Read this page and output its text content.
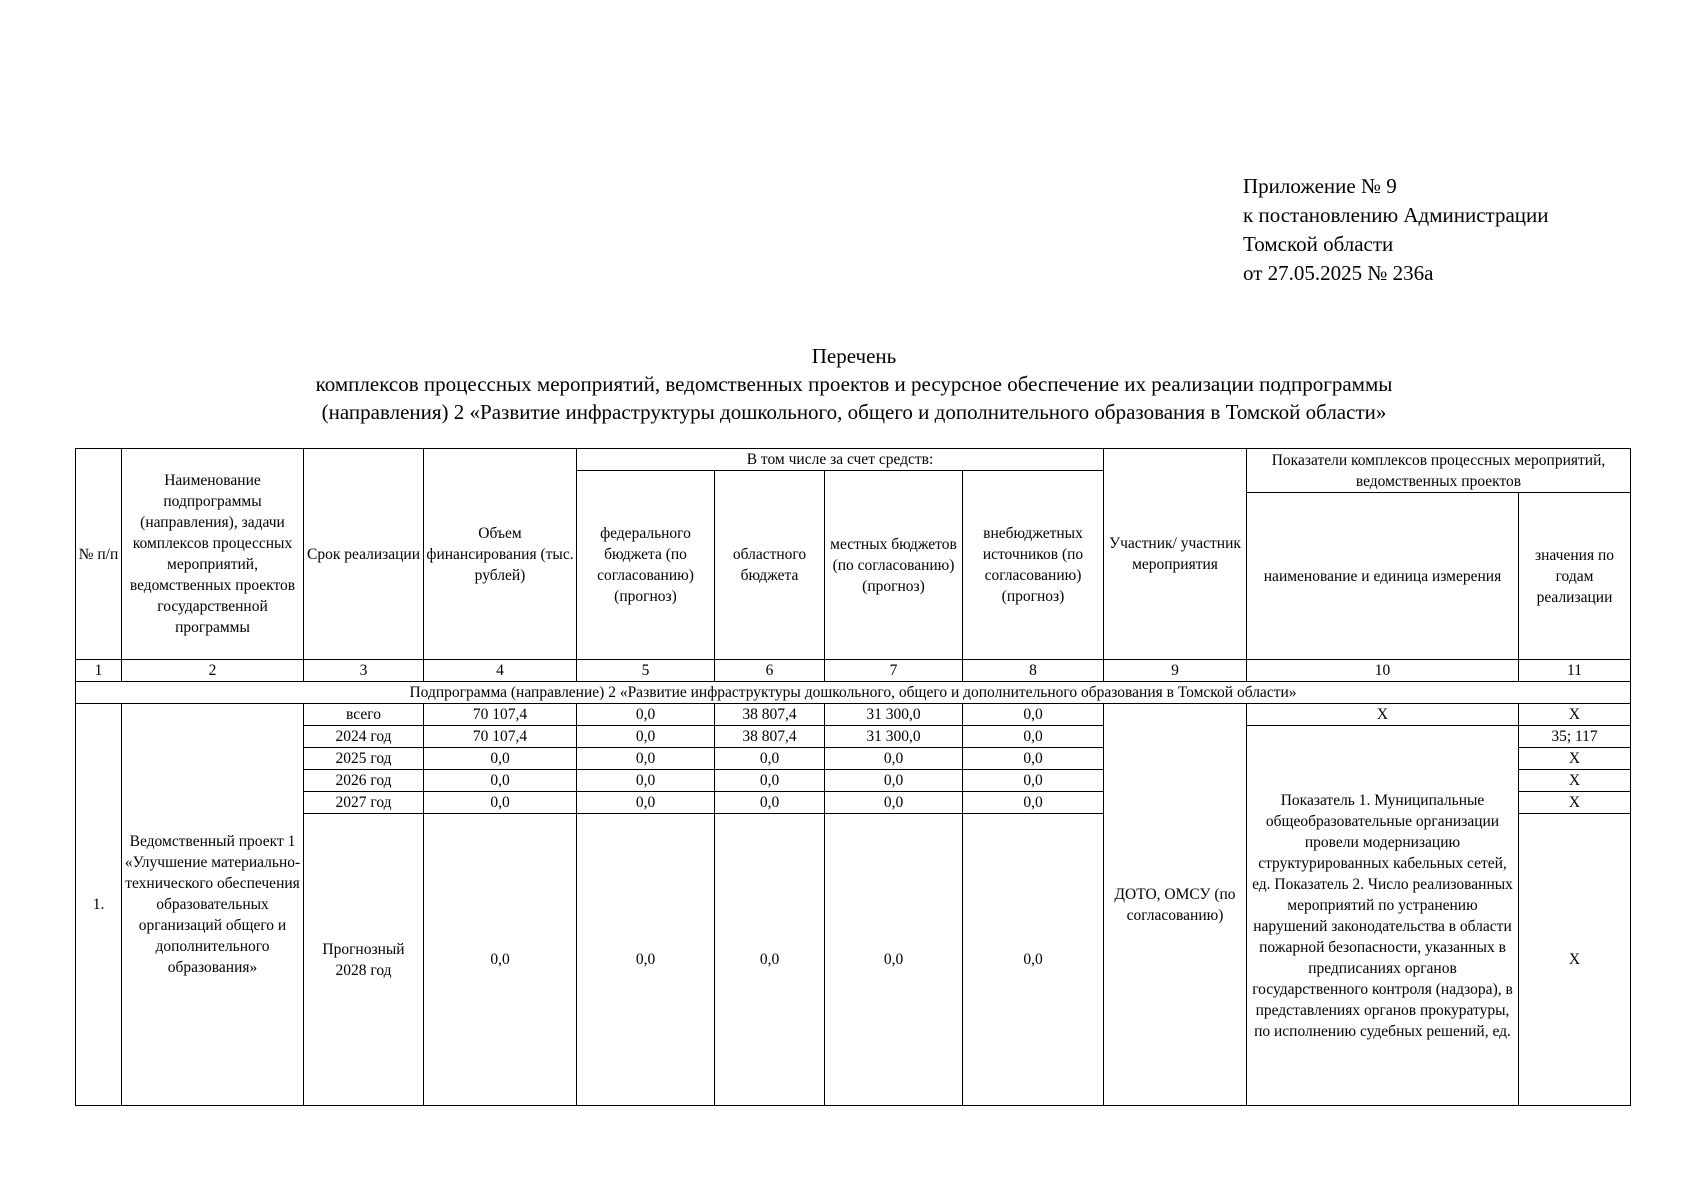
Приложение № 9
к постановлению Администрации
Томской области
от 27.05.2025 № 236а
Перечень
комплексов процессных мероприятий, ведомственных проектов и ресурсное обеспечение их реализации подпрограммы
(направления) 2 «Развитие инфраструктуры дошкольного, общего и дополнительного образования в Томской области»
№ п/п	Наименование подпрограммы (направления), задачи комплексов процессных мероприятий, ведомственных проектов государственной программы	Срок реализации	Объем финансирования (тыс. рублей)	В том числе за счет средств:				Участник/ участник мероприятия	Показатели комплексов процессных мероприятий, ведомственных проектов	
				федерального бюджета (по согласованию) (прогноз)	областного бюджета	местных бюджетов (по согласованию) (прогноз)	внебюджетных источников (по согласованию) (прогноз)			
									наименование и единица измерения	значения по годам реализации
1	2	3	4	5	6	7	8	9	10	11
Подпрограмма (направление) 2 «Развитие инфраструктуры дошкольного, общего и дополнительного образования в Томской области»										
1.	Ведомственный проект 1 «Улучшение материально-технического обеспечения образовательных организаций общего и дополнительного образования»	всего	70 107,4	0,0	38 807,4	31 300,0	0,0	ДОТО, ОМСУ (по согласованию)	X	X
		2024 год	70 107,4	0,0	38 807,4	31 300,0	0,0		Показатель 1. Муниципальные общеобразовательные организации провели модернизацию структурированных кабельных сетей, ед. Показатель 2. Число реализованных мероприятий по устранению нарушений законодательства в области пожарной безопасности, указанных в предписаниях органов государственного контроля (надзора), в представлениях органов прокуратуры, по исполнению судебных решений, ед.	35; 117
		2025 год	0,0	0,0	0,0	0,0	0,0			X
		2026 год	0,0	0,0	0,0	0,0	0,0			X
		2027 год	0,0	0,0	0,0	0,0	0,0			X
		Прогнозный 2028 год	0,0	0,0	0,0	0,0	0,0			X
